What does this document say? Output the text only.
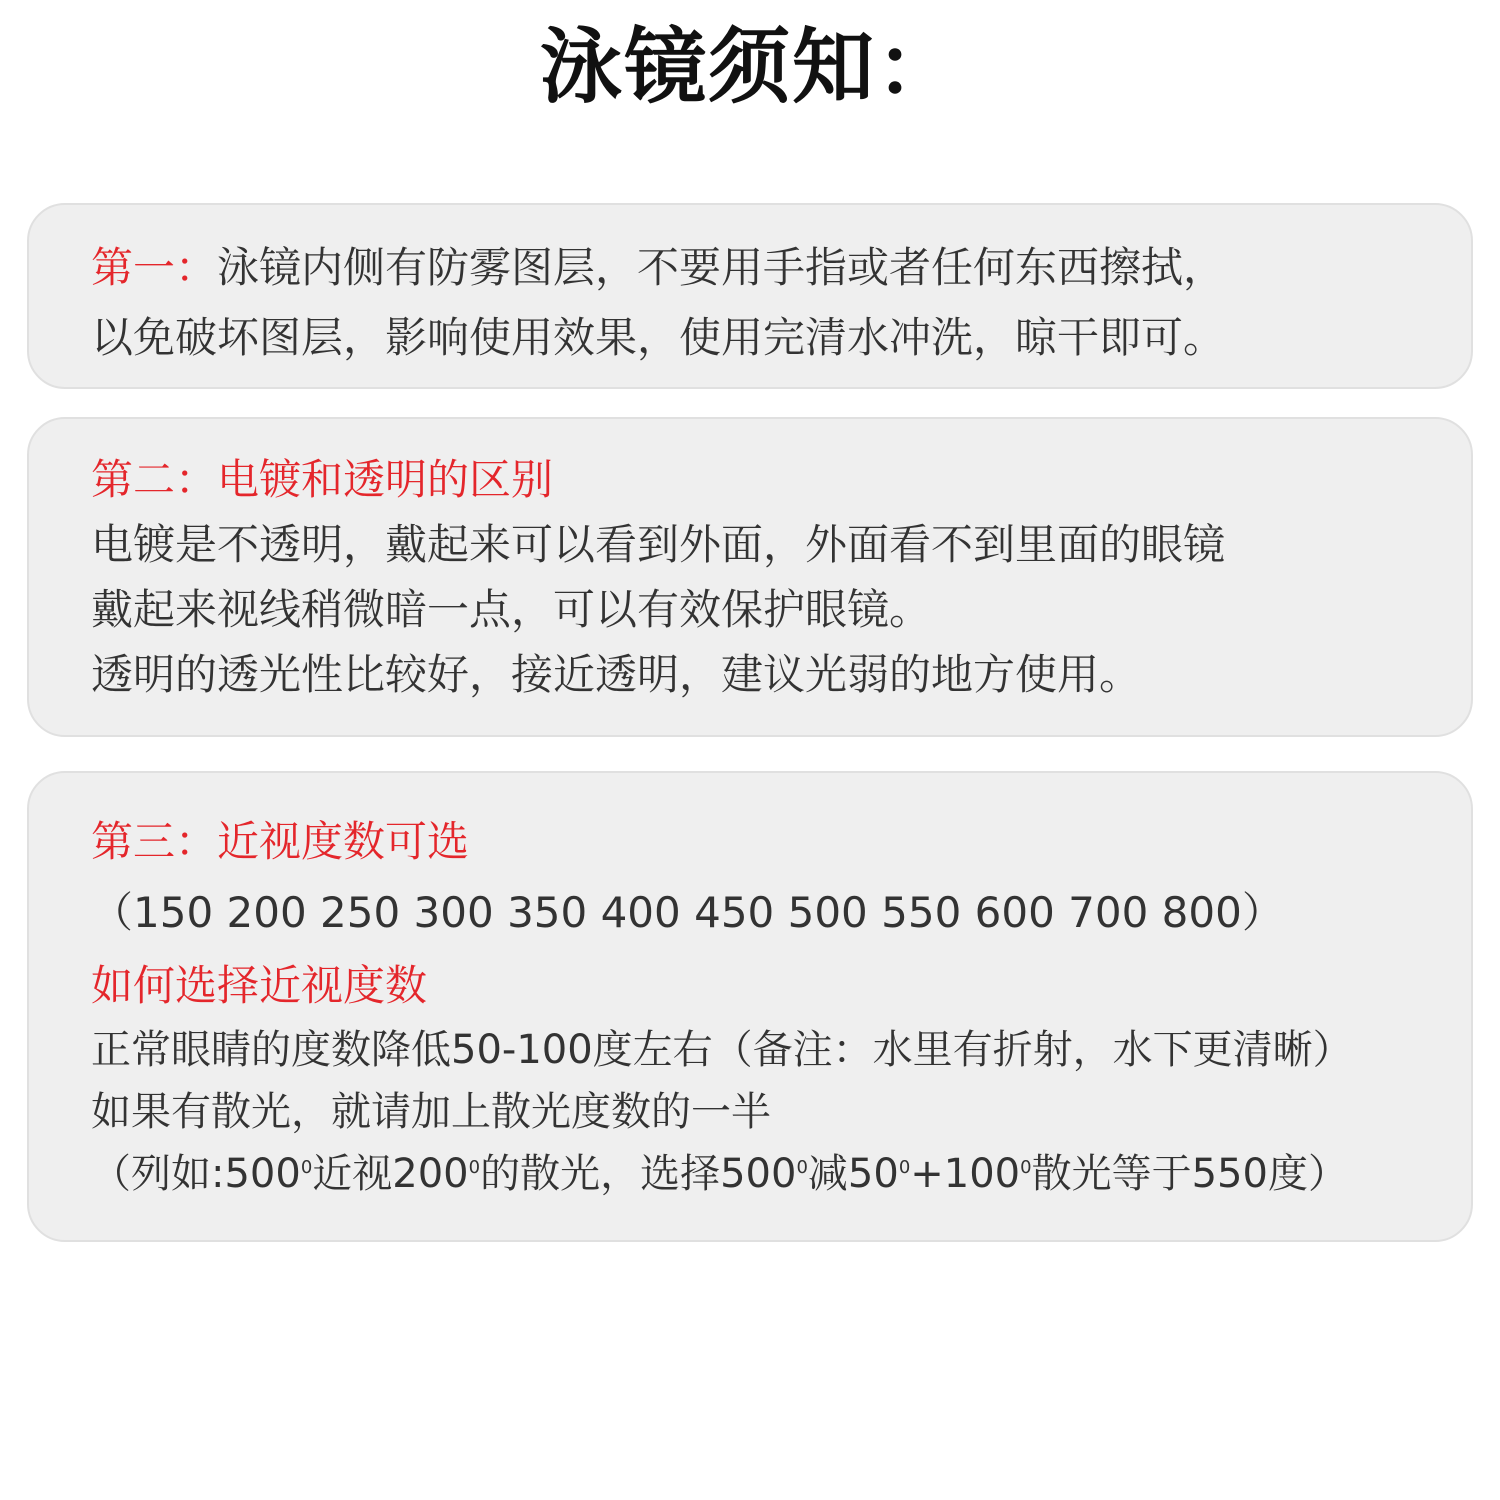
泳镜须知：
第一：泳镜内侧有防雾图层，不要用手指或者任何东西擦拭，
以免破坏图层，影响使用效果，使用完清水冲洗，晾干即可。
第二：电镀和透明的区别
电镀是不透明，戴起来可以看到外面，外面看不到里面的眼镜
戴起来视线稍微暗一点，可以有效保护眼镜。
透明的透光性比较好，接近透明，建议光弱的地方使用。
第三：近视度数可选
（150 200 250 300 350 400 450 500 550 600 700 800）
如何选择近视度数
正常眼睛的度数降低50-100度左右（备注：水里有折射，水下更清晰）
如果有散光，就请加上散光度数的一半
（列如$:500^0$近视$200^0$的散光，选择$500^0$减$50^0+100^0$散光等于550度）
